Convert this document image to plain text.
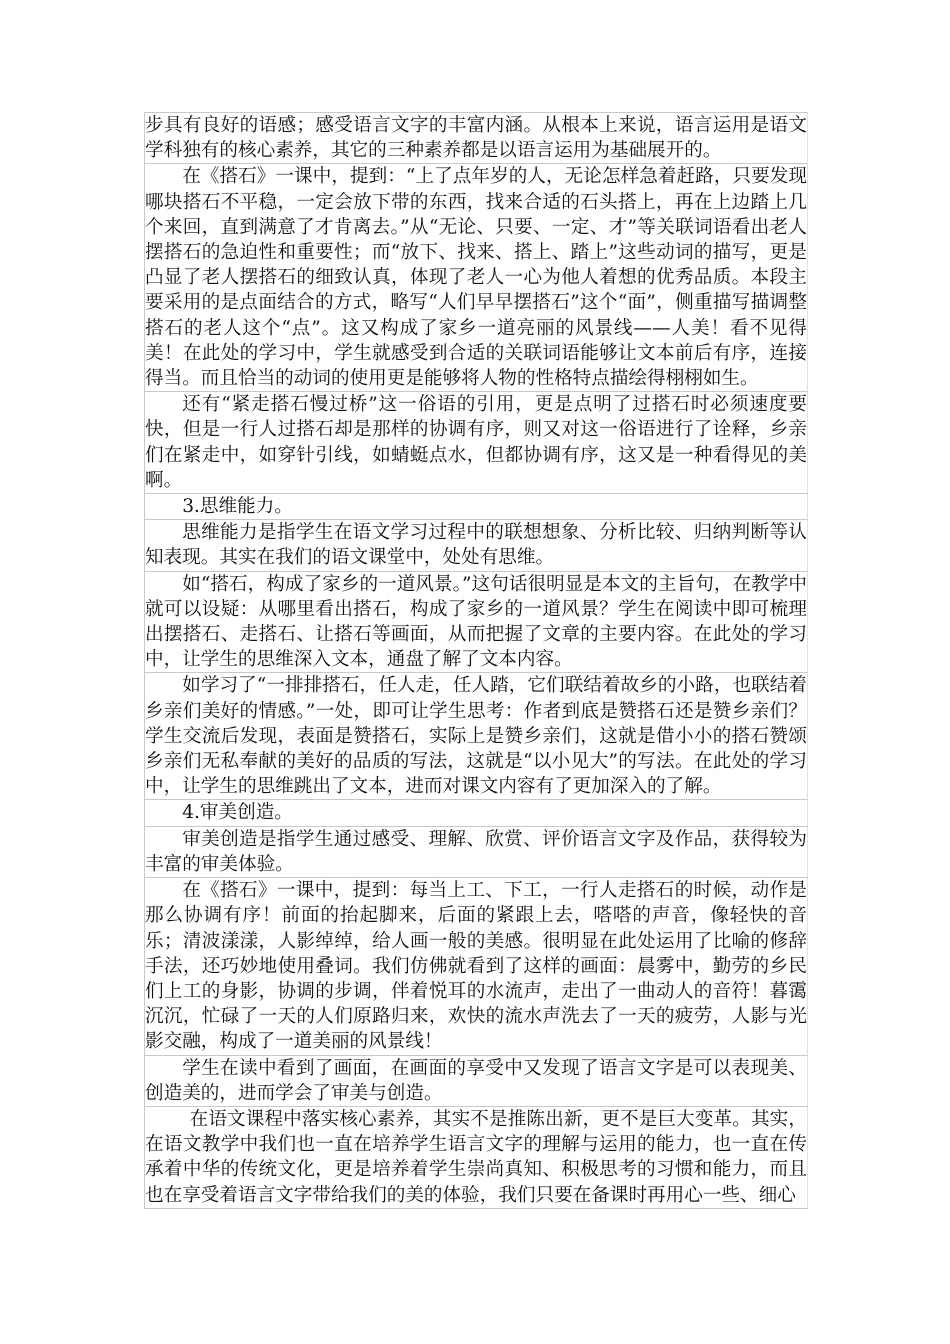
步具有良好的语感；感受语言文字的丰富内涵。从根本上来说，语言运用是语文学科独有的核心素养，其它的三种素养都是以语言运用为基础展开的。

在《搭石》一课中，提到：“上了点年岁的人，无论怎样急着赶路，只要发现哪块搭石不平稳，一定会放下带的东西，找来合适的石头搭上，再在上边踏上几个来回，直到满意了才肯离去。”从“无论、只要、一定、才”等关联词语看出老人摆搭石的急迫性和重要性；而“放下、找来、搭上、踏上”这些动词的描写，更是凸显了老人摆搭石的细致认真，体现了老人一心为他人着想的优秀品质。本段主要采用的是点面结合的方式，略写“人们早早摆搭石”这个“面”，侧重描写描调整搭石的老人这个“点”。这又构成了家乡一道亮丽的风景线——人美！看不见得美！在此处的学习中，学生就感受到合适的关联词语能够让文本前后有序，连接得当。而且恰当的动词的使用更是能够将人物的性格特点描绘得栩栩如生。

还有“紧走搭石慢过桥”这一俗语的引用，更是点明了过搭石时必须速度要快，但是一行人过搭石却是那样的协调有序，则又对这一俗语进行了诠释，乡亲们在紧走中，如穿针引线，如蜻蜓点水，但都协调有序，这又是一种看得见的美啊。

3.思维能力。

思维能力是指学生在语文学习过程中的联想想象、分析比较、归纳判断等认知表现。其实在我们的语文课堂中，处处有思维。

如“搭石，构成了家乡的一道风景。”这句话很明显是本文的主旨句，在教学中就可以设疑：从哪里看出搭石，构成了家乡的一道风景？学生在阅读中即可梳理出摆搭石、走搭石、让搭石等画面，从而把握了文章的主要内容。在此处的学习中，让学生的思维深入文本，通盘了解了文本内容。

如学习了“一排排搭石，任人走，任人踏，它们联结着故乡的小路，也联结着乡亲们美好的情感。”一处，即可让学生思考：作者到底是赞搭石还是赞乡亲们？学生交流后发现，表面是赞搭石，实际上是赞乡亲们，这就是借小小的搭石赞颂乡亲们无私奉献的美好的品质的写法，这就是“以小见大”的写法。在此处的学习中，让学生的思维跳出了文本，进而对课文内容有了更加深入的了解。

4.审美创造。

审美创造是指学生通过感受、理解、欣赏、评价语言文字及作品，获得较为丰富的审美体验。

在《搭石》一课中，提到：每当上工、下工，一行人走搭石的时候，动作是那么协调有序！前面的抬起脚来，后面的紧跟上去，嗒嗒的声音，像轻快的音乐；清波漾漾，人影绰绰，给人画一般的美感。很明显在此处运用了比喻的修辞手法，还巧妙地使用叠词。我们仿佛就看到了这样的画面：晨雾中，勤劳的乡民们上工的身影，协调的步调，伴着悦耳的水流声，走出了一曲动人的音符！暮霭沉沉，忙碌了一天的人们原路归来，欢快的流水声洗去了一天的疲劳，人影与光影交融，构成了一道美丽的风景线！

学生在读中看到了画面，在画面的享受中又发现了语言文字是可以表现美、创造美的，进而学会了审美与创造。

在语文课程中落实核心素养，其实不是推陈出新，更不是巨大变革。其实，在语文教学中我们也一直在培养学生语言文字的理解与运用的能力，也一直在传承着中华的传统文化，更是培养着学生崇尚真知、积极思考的习惯和能力，而且也在享受着语言文字带给我们的美的体验，我们只要在备课时再用心一些、细心
